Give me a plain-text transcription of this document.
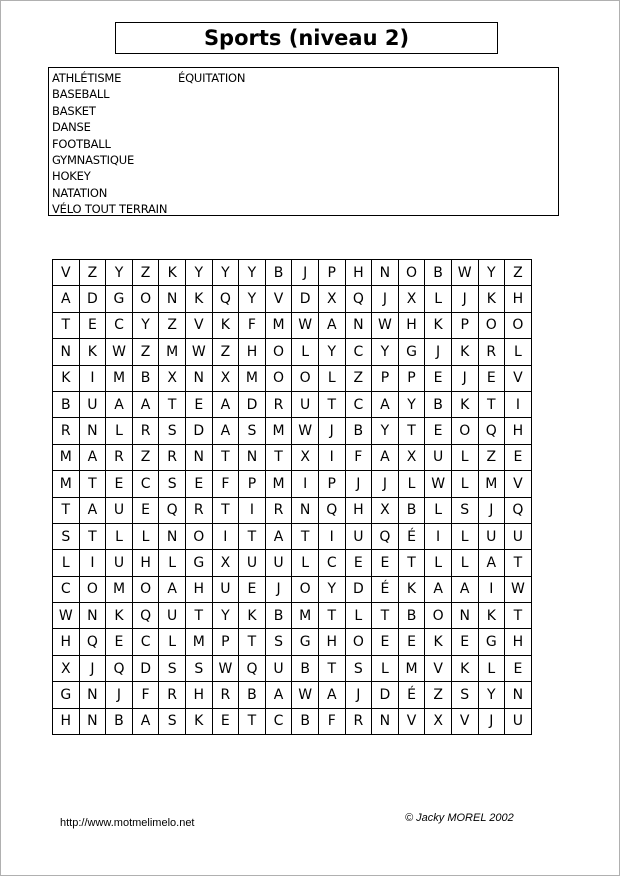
Sports (niveau 2)
ATHLÉTISME
BASEBALL
BASKET
DANSE
FOOTBALL
GYMNASTIQUE
HOKEY
NATATION
VÉLO TOUT TERRAIN
ÉQUITATION
V	Z	Y	Z	K	Y	Y	Y	B	J	P	H	N	O	B	W	Y	Z
A	D	G	O	N	K	Q	Y	V	D	X	Q	J	X	L	J	K	H
T	E	C	Y	Z	V	K	F	M	W	A	N	W	H	K	P	O	O
N	K	W	Z	M	W	Z	H	O	L	Y	C	Y	G	J	K	R	L
K	I	M	B	X	N	X	M	O	O	L	Z	P	P	E	J	E	V
B	U	A	A	T	E	A	D	R	U	T	C	A	Y	B	K	T	I
R	N	L	R	S	D	A	S	M	W	J	B	Y	T	E	O	Q	H
M	A	R	Z	R	N	T	N	T	X	I	F	A	X	U	L	Z	E
M	T	E	C	S	E	F	P	M	I	P	J	J	L	W	L	M	V
T	A	U	E	Q	R	T	I	R	N	Q	H	X	B	L	S	J	Q
S	T	L	L	N	O	I	T	A	T	I	U	Q	É	I	L	U	U
L	I	U	H	L	G	X	U	U	L	C	E	E	T	L	L	A	T
C	O	M	O	A	H	U	E	J	O	Y	D	É	K	A	A	I	W
W	N	K	Q	U	T	Y	K	B	M	T	L	T	B	O	N	K	T
H	Q	E	C	L	M	P	T	S	G	H	O	E	E	K	E	G	H
X	J	Q	D	S	S	W	Q	U	B	T	S	L	M	V	K	L	E
G	N	J	F	R	H	R	B	A	W	A	J	D	É	Z	S	Y	N
H	N	B	A	S	K	E	T	C	B	F	R	N	V	X	V	J	U
http://www.motmelimelo.net	© Jacky MOREL 2002
